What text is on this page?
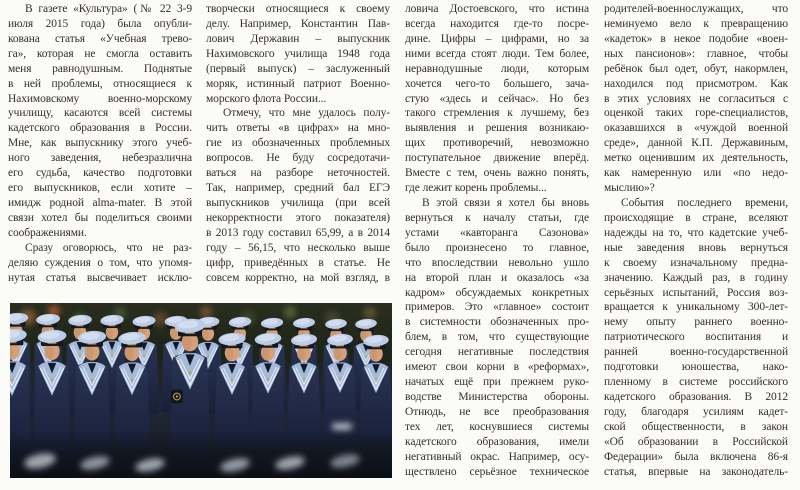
В газете «Культура» (№ 22 3-9
июля 2015 года) была опубли-
кована статья «Учебная трево-
га», которая не смогла оставить
меня равнодушным. Поднятые
в ней проблемы, относящиеся к
Нахимовскому военно-морскому
училищу, касаются всей системы
кадетского образования в России.
Мне, как выпускнику этого учеб-
ного заведения, небезразлична
его судьба, качество подготовки
его выпускников, если хотите –
имидж родной alma-mater. В этой
связи хотел бы поделиться своими
соображениями.
Сразу оговорюсь, что не раз-
деляю суждения о том, что упомя-
нутая статья высвечивает исклю-
творчески относящиеся к своему
делу. Например, Константин Пав-
лович Державин – выпускник
Нахимовского училища 1948 года
(первый выпуск) – заслуженный
моряк, истинный патриот Военно-
морского флота России...
Отмечу, что мне удалось полу-
чить ответы «в цифрах» на мно-
гие из обозначенных проблемных
вопросов. Не буду сосредотачи-
ваться на разборе неточностей.
Так, например, средний бал ЕГЭ
выпускников училища (при всей
некорректности этого показателя)
в 2013 году составил 65,99, а в 2014
году – 56,15, что несколько выше
цифр, приведённых в статье. Не
совсем корректно, на мой взгляд, в
ловича Достоевского, что истина
всегда находится где-то посре-
дине. Цифры – цифрами, но за
ними всегда стоят люди. Тем более,
неравнодушные люди, которым
хочется чего-то большего, зача-
стую «здесь и сейчас». Но без
такого стремления к лучшему, без
выявления и решения возникаю-
щих противоречий, невозможно
поступательное движение вперёд.
Вместе с тем, очень важно понять,
где лежит корень проблемы...
В этой связи я хотел бы вновь
вернуться к началу статьи, где
устами «кавторанга Сазонова»
было произнесено то главное,
что впоследствии невольно ушло
на второй план и оказалось «за
кадром» обсуждаемых конкретных
примеров. Это «главное» состоит
в системности обозначенных про-
блем, в том, что существующие
сегодня негативные последствия
имеют свои корни в «реформах»,
начатых ещё при прежнем руко-
водстве Министерства обороны.
Отнюдь, не все преобразования
тех лет, коснувшиеся системы
кадетского образования, имели
негативный окрас. Например, осу-
ществлено серьёзное техническое
родителей-военнослужащих, что
неминуемо вело к превращению
«кадеток» в некое подобие «воен-
ных пансионов»: главное, чтобы
ребёнок был одет, обут, накормлен,
находился под присмотром. Как
в этих условиях не согласиться с
оценкой таких горе-специалистов,
оказавшихся в «чуждой военной
среде», данной К.П. Державиным,
метко оценившим их деятельность,
как намеренную или «по недо-
мыслию»?
События последнего времени,
происходящие в стране, вселяют
надежды на то, что кадетские учеб-
ные заведения вновь вернуться
к своему изначальному предна-
значению. Каждый раз, в годину
серьёзных испытаний, Россия воз-
вращается к уникальному 300-лет-
нему опыту раннего военно-
патриотического воспитания и
ранней военно-государственной
подготовки юношества, нако-
пленному в системе российского
кадетского образования. В 2012
году, благодаря усилиям кадет-
ской общественности, в закон
«Об образовании в Российской
Федерации» была включена 86-я
статья, впервые на законодатель-
